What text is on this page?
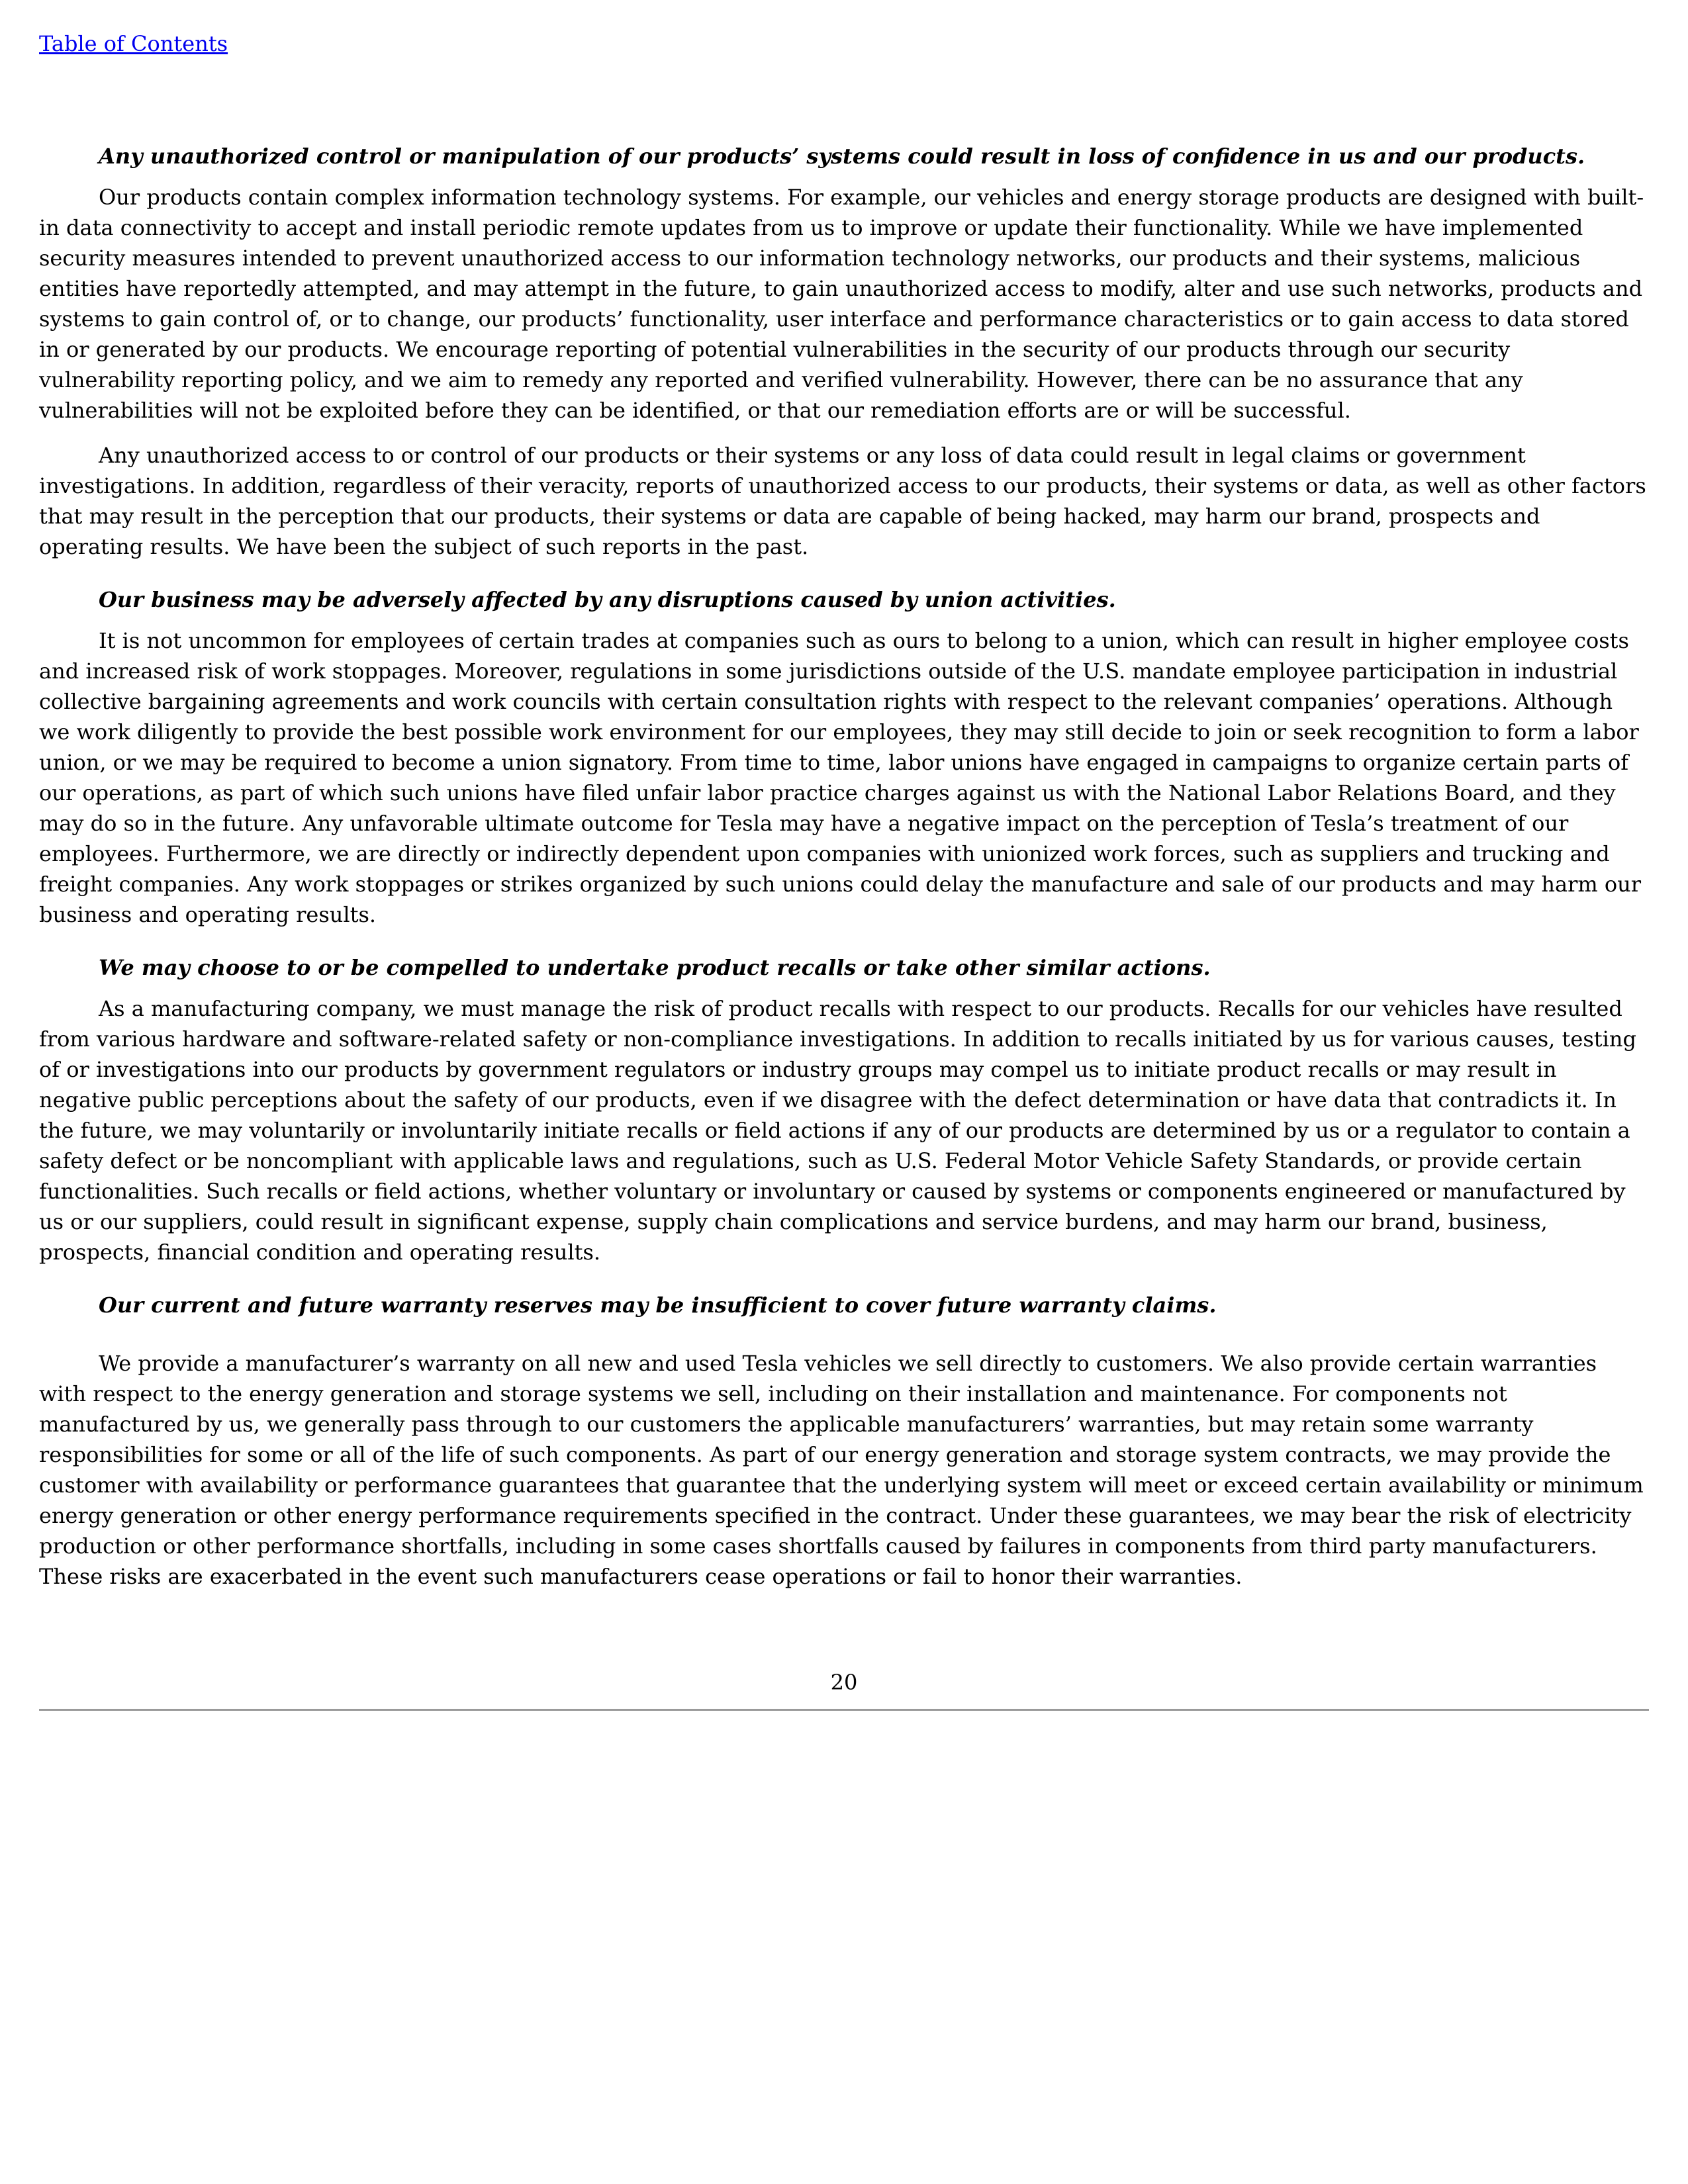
Table of Contents

Any unauthorized control or manipulation of our products’ systems could result in loss of confidence in us and our products.

Our products contain complex information technology systems. For example, our vehicles and energy storage products are designed with built-in data connectivity to accept and install periodic remote updates from us to improve or update their functionality. While we have implemented security measures intended to prevent unauthorized access to our information technology networks, our products and their systems, malicious entities have reportedly attempted, and may attempt in the future, to gain unauthorized access to modify, alter and use such networks, products and systems to gain control of, or to change, our products’ functionality, user interface and performance characteristics or to gain access to data stored in or generated by our products. We encourage reporting of potential vulnerabilities in the security of our products through our security vulnerability reporting policy, and we aim to remedy any reported and verified vulnerability. However, there can be no assurance that any vulnerabilities will not be exploited before they can be identified, or that our remediation efforts are or will be successful.

Any unauthorized access to or control of our products or their systems or any loss of data could result in legal claims or government investigations. In addition, regardless of their veracity, reports of unauthorized access to our products, their systems or data, as well as other factors that may result in the perception that our products, their systems or data are capable of being hacked, may harm our brand, prospects and operating results. We have been the subject of such reports in the past.

Our business may be adversely affected by any disruptions caused by union activities.

It is not uncommon for employees of certain trades at companies such as ours to belong to a union, which can result in higher employee costs and increased risk of work stoppages. Moreover, regulations in some jurisdictions outside of the U.S. mandate employee participation in industrial collective bargaining agreements and work councils with certain consultation rights with respect to the relevant companies’ operations. Although we work diligently to provide the best possible work environment for our employees, they may still decide to join or seek recognition to form a labor union, or we may be required to become a union signatory. From time to time, labor unions have engaged in campaigns to organize certain parts of our operations, as part of which such unions have filed unfair labor practice charges against us with the National Labor Relations Board, and they may do so in the future. Any unfavorable ultimate outcome for Tesla may have a negative impact on the perception of Tesla’s treatment of our employees. Furthermore, we are directly or indirectly dependent upon companies with unionized work forces, such as suppliers and trucking and freight companies. Any work stoppages or strikes organized by such unions could delay the manufacture and sale of our products and may harm our business and operating results.

We may choose to or be compelled to undertake product recalls or take other similar actions.

As a manufacturing company, we must manage the risk of product recalls with respect to our products. Recalls for our vehicles have resulted from various hardware and software-related safety or non-compliance investigations. In addition to recalls initiated by us for various causes, testing of or investigations into our products by government regulators or industry groups may compel us to initiate product recalls or may result in negative public perceptions about the safety of our products, even if we disagree with the defect determination or have data that contradicts it. In the future, we may voluntarily or involuntarily initiate recalls or field actions if any of our products are determined by us or a regulator to contain a safety defect or be noncompliant with applicable laws and regulations, such as U.S. Federal Motor Vehicle Safety Standards, or provide certain functionalities. Such recalls or field actions, whether voluntary or involuntary or caused by systems or components engineered or manufactured by us or our suppliers, could result in significant expense, supply chain complications and service burdens, and may harm our brand, business, prospects, financial condition and operating results.

Our current and future warranty reserves may be insufficient to cover future warranty claims.

We provide a manufacturer’s warranty on all new and used Tesla vehicles we sell directly to customers. We also provide certain warranties with respect to the energy generation and storage systems we sell, including on their installation and maintenance. For components not manufactured by us, we generally pass through to our customers the applicable manufacturers’ warranties, but may retain some warranty responsibilities for some or all of the life of such components. As part of our energy generation and storage system contracts, we may provide the customer with availability or performance guarantees that guarantee that the underlying system will meet or exceed certain availability or minimum energy generation or other energy performance requirements specified in the contract. Under these guarantees, we may bear the risk of electricity production or other performance shortfalls, including in some cases shortfalls caused by failures in components from third party manufacturers. These risks are exacerbated in the event such manufacturers cease operations or fail to honor their warranties.

20
